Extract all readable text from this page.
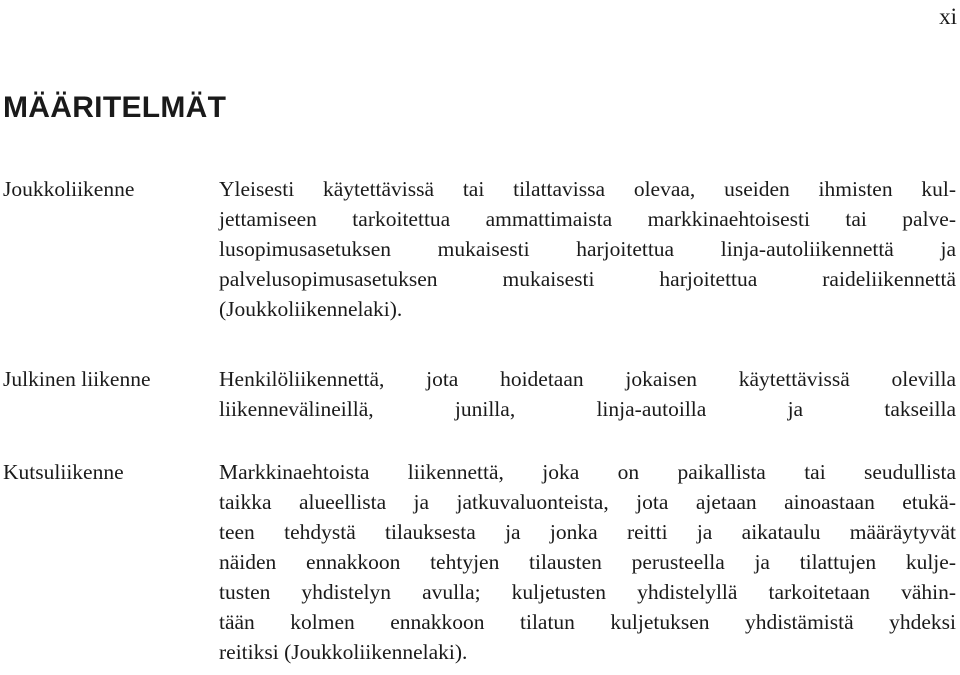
xi
MÄÄRITELMÄT
Joukkoliikenne	Yleisesti käytettävissä tai tilattavissa olevaa, useiden ihmisten kul-
jettamiseen tarkoitettua ammattimaista markkinaehtoisesti tai palve-
lusopimusasetuksen mukaisesti harjoitettua linja-autoliikennettä ja
palvelusopimusasetuksen mukaisesti harjoitettua raideliikennettä
(Joukkoliikennelaki).
Julkinen liikenne	Henkilöliikennettä, jota hoidetaan jokaisen käytettävissä olevilla
liikennevälineillä, junilla, linja-autoilla ja takseilla
Kutsuliikenne	Markkinaehtoista liikennettä, joka on paikallista tai seudullista
taikka alueellista ja jatkuvaluonteista, jota ajetaan ainoastaan etukä-
teen tehdystä tilauksesta ja jonka reitti ja aikataulu määräytyvät
näiden ennakkoon tehtyjen tilausten perusteella ja tilattujen kulje-
tusten yhdistelyn avulla; kuljetusten yhdistelyllä tarkoitetaan vähin-
tään kolmen ennakkoon tilatun kuljetuksen yhdistämistä yhdeksi
reitiksi (Joukkoliikennelaki).
